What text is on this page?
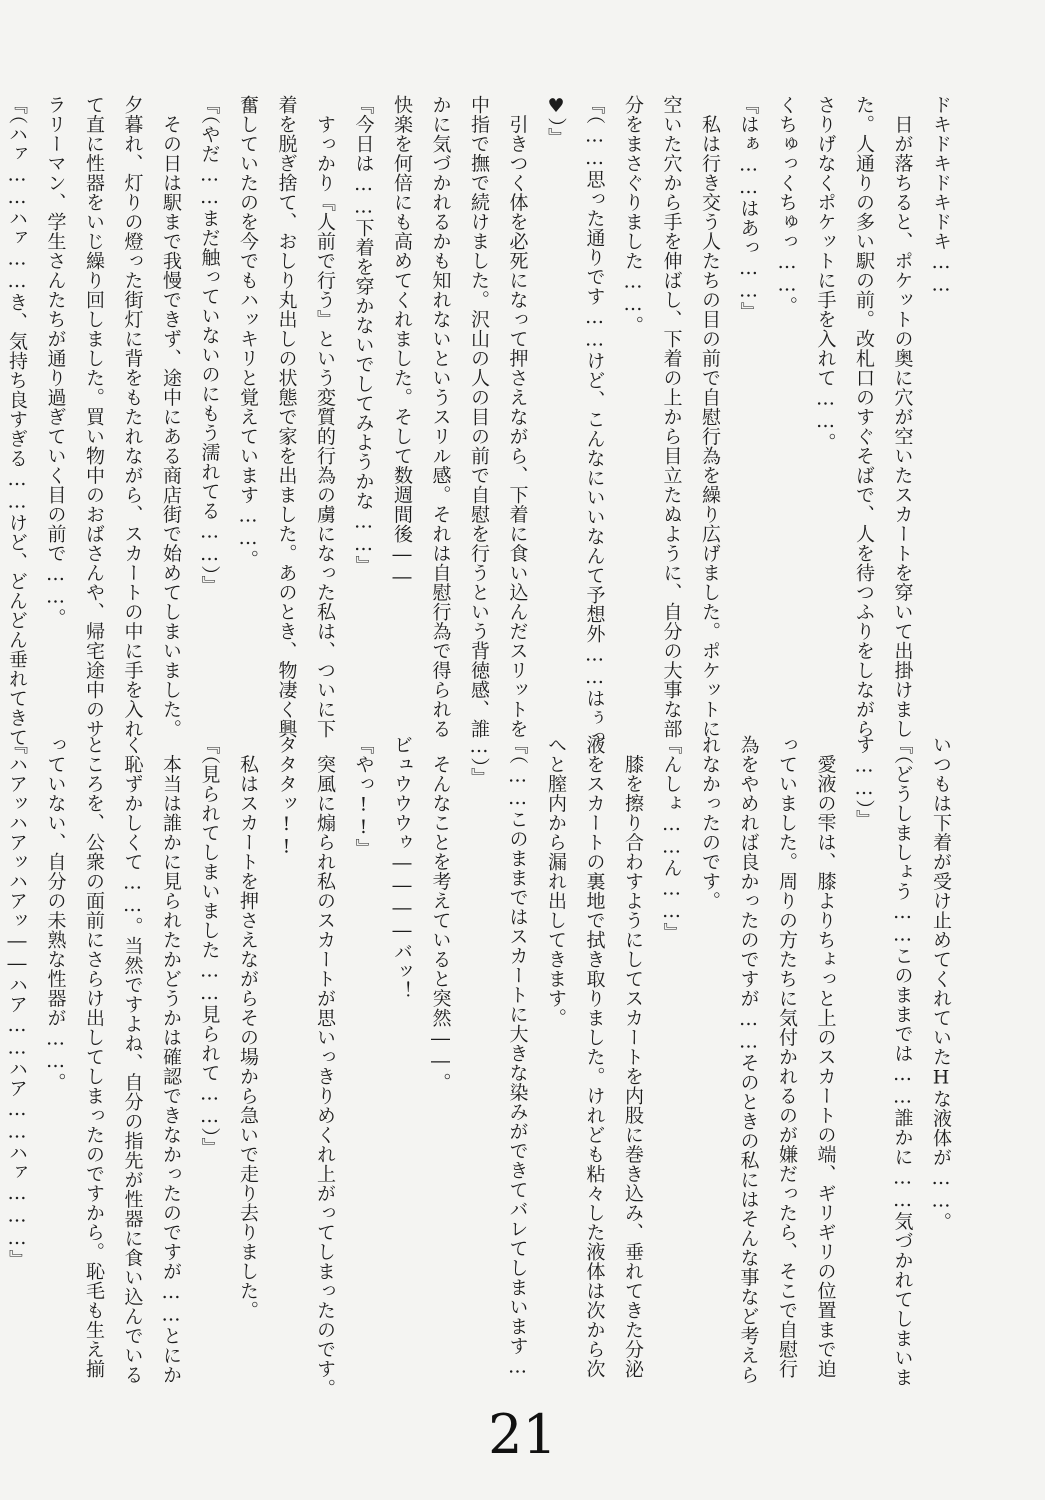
ドキドキドキドキ……
　日が落ちると、ポケットの奥に穴が空いたスカートを穿いて出掛けまし
た。人通りの多い駅の前。改札口のすぐそばで、人を待つふりをしながら
さりげなくポケットに手を入れて……。
くちゅっくちゅっ……。
『はぁ……はあっ……』
　私は行き交う人たちの目の前で自慰行為を繰り広げました。ポケットに
空いた穴から手を伸ばし、下着の上から目立たぬように、自分の大事な部
分をまさぐりました……。
『（……思った通りです……けど、こんなにいいなんて予想外……はぅっ
♥）』
　引きつく体を必死になって押さえながら、下着に食い込んだスリットを
中指で撫で続けました。沢山の人の目の前で自慰を行うという背徳感、誰
かに気づかれるかも知れないというスリル感。それは自慰行為で得られる
快楽を何倍にも高めてくれました。そして数週間後――
『今日は……下着を穿かないでしてみようかな……』
　すっかり『人前で行う』という変質的行為の虜になった私は、ついに下
着を脱ぎ捨て、おしり丸出しの状態で家を出ました。あのとき、物凄く興
奮していたのを今でもハッキリと覚えています……。
『（やだ……まだ触っていないのにもう濡れてる……）』
　その日は駅まで我慢できず、途中にある商店街で始めてしまいました。
夕暮れ、灯りの燈った街灯に背をもたれながら、スカートの中に手を入れ
て直に性器をいじ繰り回しました。買い物中のおばさんや、帰宅途中のサ
ラリーマン、学生さんたちが通り過ぎていく目の前で……。
『（ハァ……ハァ……き、気持ち良すぎる……けど、どんどん垂れてきて
いつもは下着が受け止めてくれていたHな液体が……。
『（どうしましょう……このままでは……誰かに……気づかれてしまいま
す……）』
　愛液の雫は、膝よりちょっと上のスカートの端、ギリギリの位置まで迫
っていました。周りの方たちに気付かれるのが嫌だったら、そこで自慰行
為をやめれば良かったのですが……そのときの私にはそんな事など考えら
れなかったのです。
『んしょ……ん……』
　膝を擦り合わすようにしてスカートを内股に巻き込み、垂れてきた分泌
液をスカートの裏地で拭き取りました。けれども粘々した液体は次から次
へと膣内から漏れ出してきます。
『（……このままではスカートに大きな染みができてバレてしまいます…
…）』
　そんなことを考えていると突然――。
ビュウウウゥ――――バッ！
『やっ!!』
　突風に煽られ私のスカートが思いっきりめくれ上がってしまったのです。
タタタッ!!
　私はスカートを押さえながらその場から急いで走り去りました。
『（見られてしまいました……見られて……）』
　本当は誰かに見られたかどうかは確認できなかったのですが……とにか
く恥ずかしくて……。当然ですよね、自分の指先が性器に食い込んでいる
ところを、公衆の面前にさらけ出してしまったのですから。恥毛も生え揃
っていない、自分の未熟な性器が……。
『ハアッハアッハアッ――ハア……ハア……ハァ………』
21
